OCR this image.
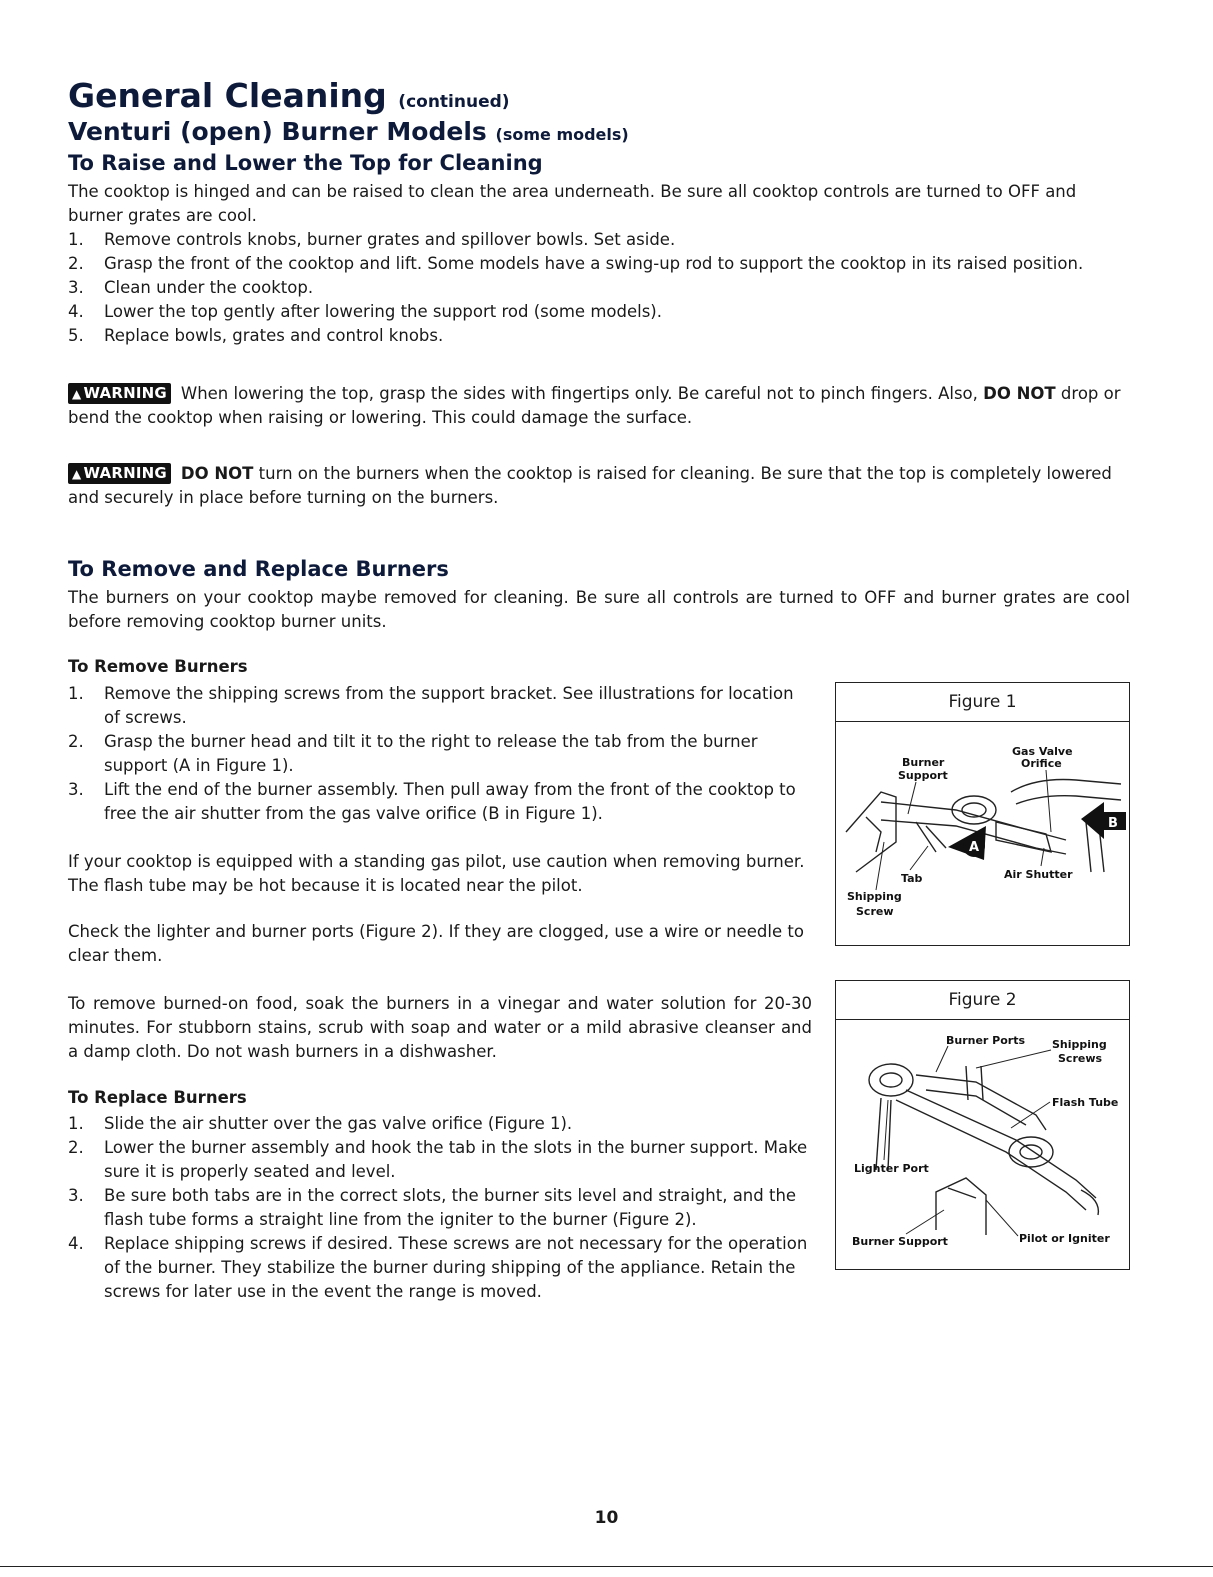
General Cleaning (continued)
Venturi (open) Burner Models (some models)
To Raise and Lower the Top for Cleaning

The cooktop is hinged and can be raised to clean the area underneath. Be sure all cooktop controls are turned to OFF and burner grates are cool.

1. Remove controls knobs, burner grates and spillover bowls. Set aside.
2. Grasp the front of the cooktop and lift. Some models have a swing-up rod to support the cooktop in its raised position.
3. Clean under the cooktop.
4. Lower the top gently after lowering the support rod (some models).
5. Replace bowls, grates and control knobs.

▲ WARNING When lowering the top, grasp the sides with fingertips only. Be careful not to pinch fingers. Also, DO NOT drop or bend the cooktop when raising or lowering. This could damage the surface.

▲ WARNING DO NOT turn on the burners when the cooktop is raised for cleaning. Be sure that the top is completely lowered and securely in place before turning on the burners.

To Remove and Replace Burners

The burners on your cooktop maybe removed for cleaning. Be sure all controls are turned to OFF and burner grates are cool before removing cooktop burner units.

To Remove Burners
1. Remove the shipping screws from the support bracket. See illustrations for location of screws.
2. Grasp the burner head and tilt it to the right to release the tab from the burner support (A in Figure 1).
3. Lift the end of the burner assembly. Then pull away from the front of the cooktop to free the air shutter from the gas valve orifice (B in Figure 1).

If your cooktop is equipped with a standing gas pilot, use caution when removing burner. The flash tube may be hot because it is located near the pilot.

Check the lighter and burner ports (Figure 2). If they are clogged, use a wire or needle to clear them.

To remove burned-on food, soak the burners in a vinegar and water solution for 20-30 minutes. For stubborn stains, scrub with soap and water or a mild abrasive cleanser and a damp cloth. Do not wash burners in a dishwasher.

To Replace Burners
1. Slide the air shutter over the gas valve orifice (Figure 1).
2. Lower the burner assembly and hook the tab in the slots in the burner support. Make sure it is properly seated and level.
3. Be sure both tabs are in the correct slots, the burner sits level and straight, and the flash tube forms a straight line from the igniter to the burner (Figure 2).
4. Replace shipping screws if desired. These screws are not necessary for the operation of the burner. They stabilize the burner during shipping of the appliance. Retain the screws for later use in the event the range is moved.
Figure 1
A
B
Burner
Support
Gas Valve
Orifice
Tab	Air Shutter
Shipping
Screw
Figure 2
Burner Ports Shipping
Screws
Flash Tube
Lighter Port
Burner Support	Pilot or Igniter
10
